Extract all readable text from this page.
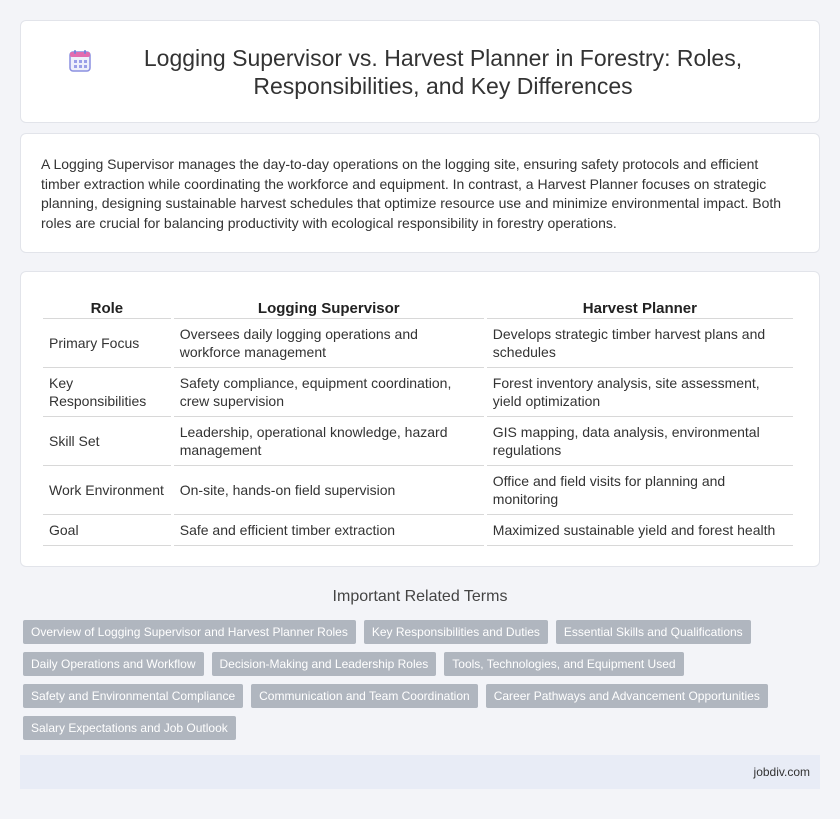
Logging Supervisor vs. Harvest Planner in Forestry: Roles, Responsibilities, and Key Differences

A Logging Supervisor manages the day-to-day operations on the logging site, ensuring safety protocols and efficient timber extraction while coordinating the workforce and equipment. In contrast, a Harvest Planner focuses on strategic planning, designing sustainable harvest schedules that optimize resource use and minimize environmental impact. Both roles are crucial for balancing productivity with ecological responsibility in forestry operations.

Role	Logging Supervisor	Harvest Planner
Primary Focus	Oversees daily logging operations and workforce management	Develops strategic timber harvest plans and schedules
Key Responsibilities	Safety compliance, equipment coordination, crew supervision	Forest inventory analysis, site assessment, yield optimization
Skill Set	Leadership, operational knowledge, hazard management	GIS mapping, data analysis, environmental regulations
Work Environment	On-site, hands-on field supervision	Office and field visits for planning and monitoring
Goal	Safe and efficient timber extraction	Maximized sustainable yield and forest health
Important Related Terms
Overview of Logging Supervisor and Harvest Planner Roles	Key Responsibilities and Duties	Essential Skills and Qualifications
Daily Operations and Workflow	Decision-Making and Leadership Roles	Tools, Technologies, and Equipment Used
Safety and Environmental Compliance	Communication and Team Coordination	Career Pathways and Advancement Opportunities
Salary Expectations and Job Outlook
jobdiv.com
